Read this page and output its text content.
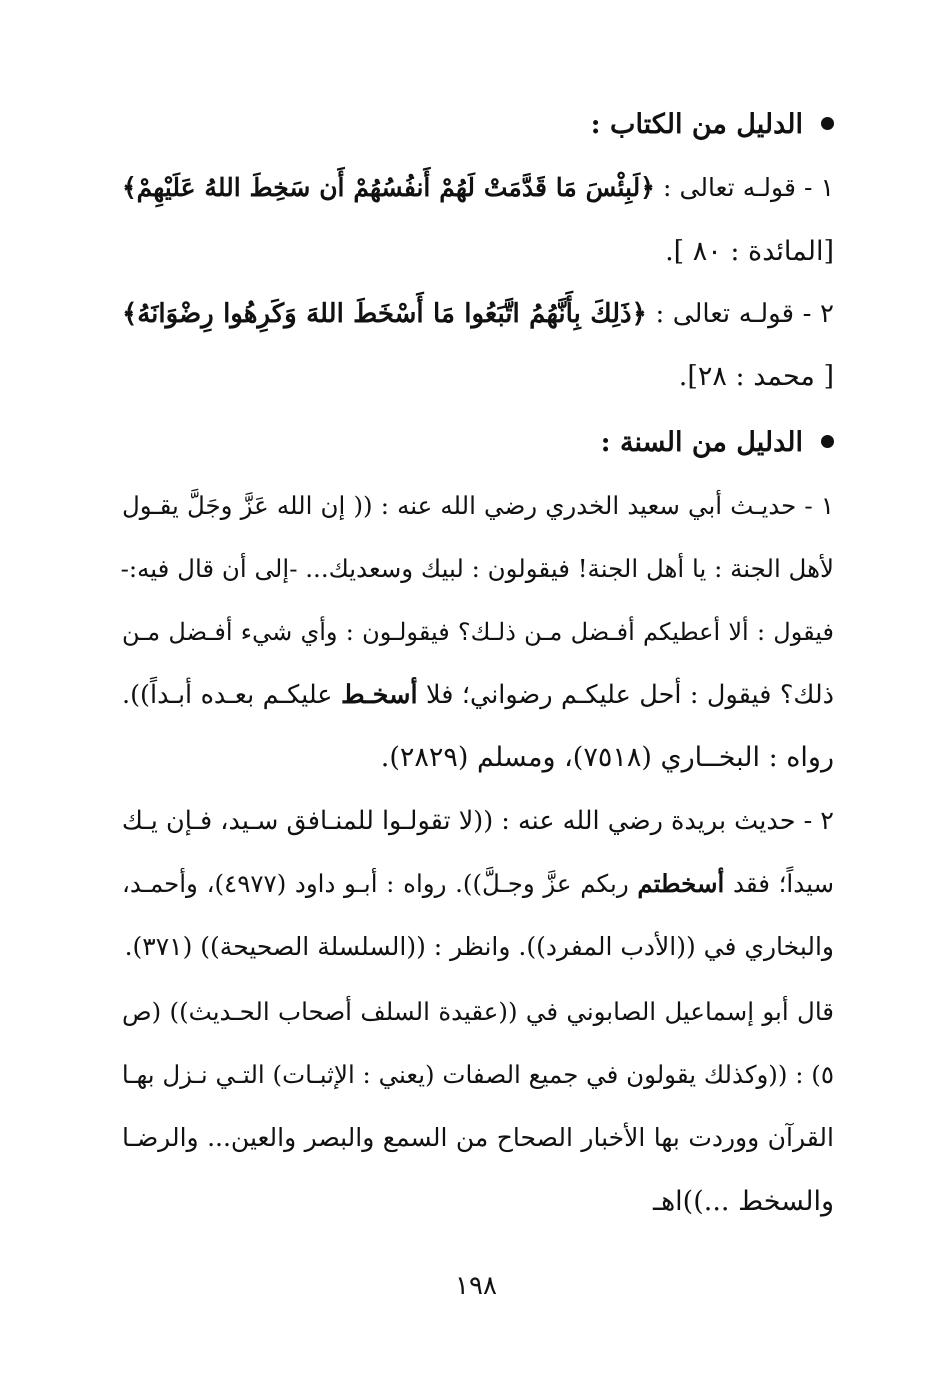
الدليل من الكتاب :
١ - قولـه تعالى : ﴿لَبِئْسَ مَا قَدَّمَتْ لَهُمْ أَنفُسُهُمْ أَن سَخِطَ اللهُ عَلَيْهِمْ﴾
[المائدة : ٨٠ ].
٢ - قولـه تعالى : ﴿ذَلِكَ بِأَنَّهُمُ اتَّبَعُوا مَا أَسْخَطَ اللهَ وَكَرِهُوا رِضْوَانَهُ﴾
[ محمد : ٢٨].
الدليل من السنة :
١ - حديـث أبي سعيد الخدري رضي الله عنه : (( إن الله عَزَّ وجَلَّ يقـول
لأهل الجنة : يا أهل الجنة! فيقولون : لبيك وسعديك... -إلى أن قال فيه:-
فيقول : ألا أعطيكم أفـضل مـن ذلـك؟ فيقولـون : وأي شيء أفـضل مـن
ذلك؟ فيقول : أحل عليكـم رضواني؛ فلا أسخـط عليكـم بعـده أبـداً)).
رواه : البخــاري (٧٥١٨)، ومسلم (٢٨٢٩).
٢ - حديث بريدة رضي الله عنه : ((لا تقولـوا للمنـافق سـيد، فـإن يـك
سيداً؛ فقد أسخطتم ربكم عزَّ وجـلَّ)). رواه : أبـو داود (٤٩٧٧)، وأحمـد،
والبخاري في ((الأدب المفرد)). وانظر : ((السلسلة الصحيحة)) (٣٧١).
قال أبو إسماعيل الصابوني في ((عقيدة السلف أصحاب الحـديث)) (ص
٥) : ((وكذلك يقولون في جميع الصفات (يعني : الإثبـات) التـي نـزل بهـا
القرآن ووردت بها الأخبار الصحاح من السمع والبصر والعين... والرضـا
والسخط ...))اهـ
١٩٨
